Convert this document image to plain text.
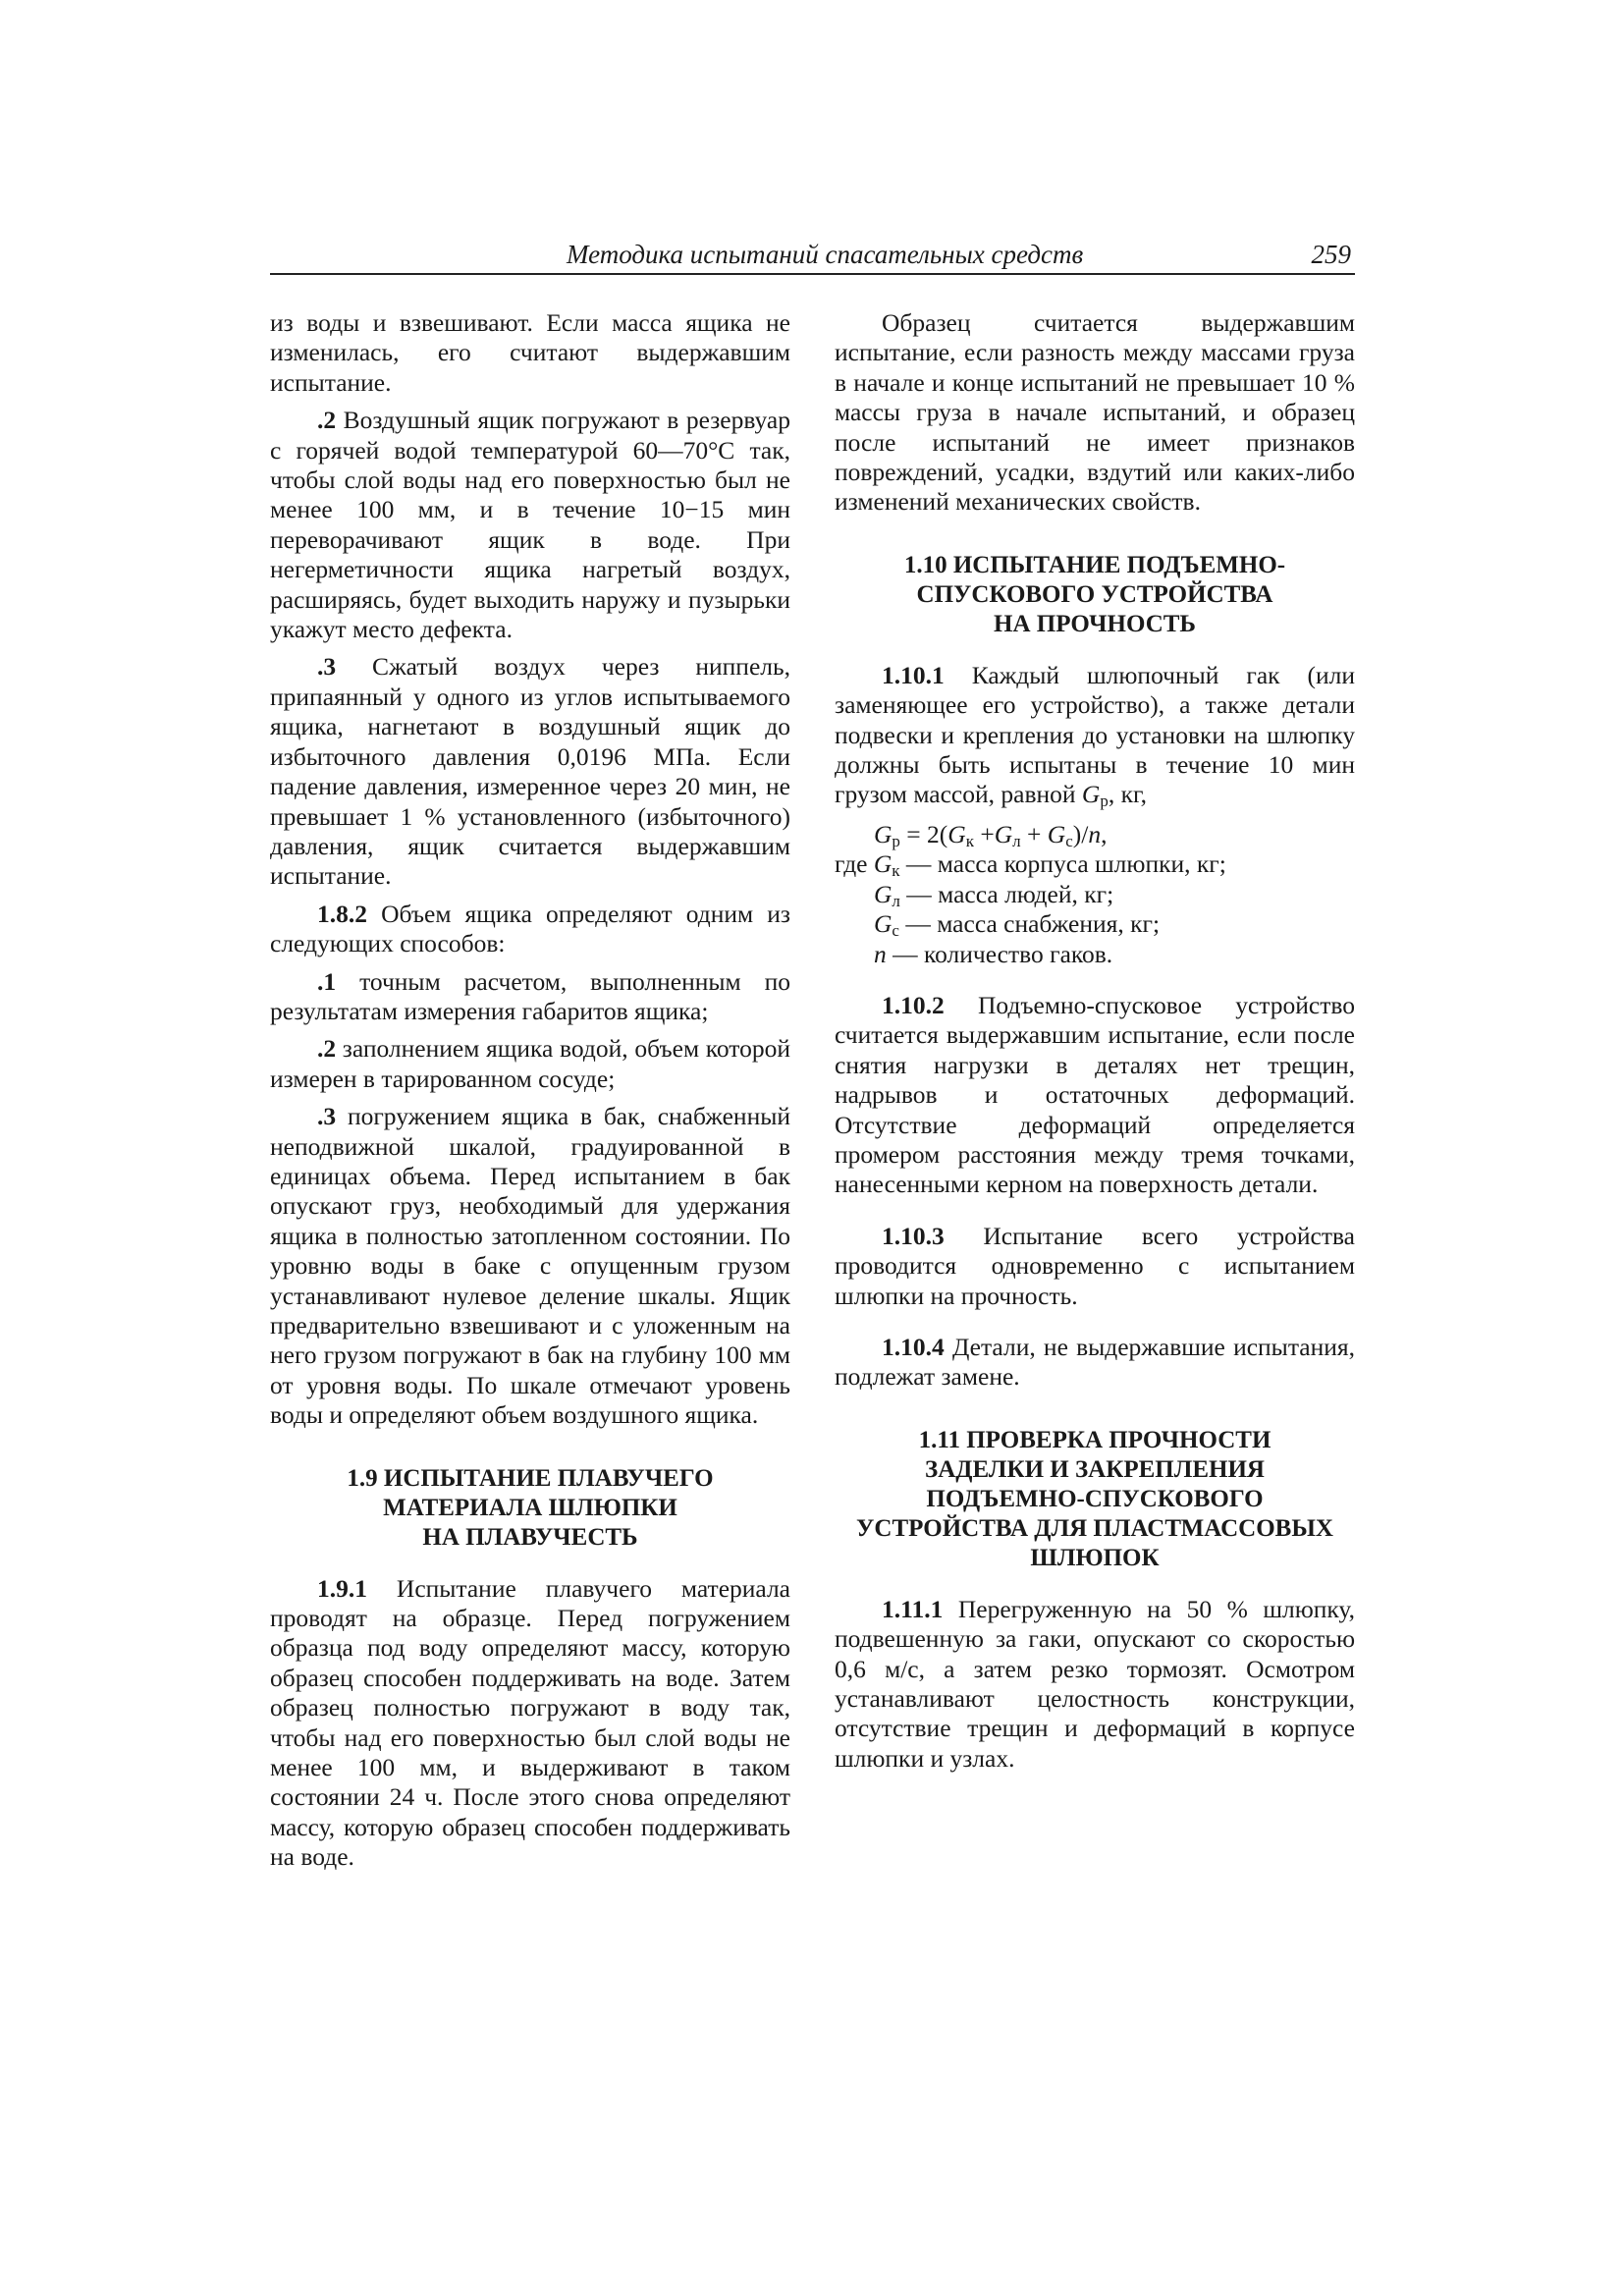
Методика испытаний спасательных средств	259

из воды и взвешивают. Если масса ящика не изменилась, его считают выдержавшим испытание.

.2 Воздушный ящик погружают в резервуар с горячей водой температурой 60—70°С так, чтобы слой воды над его поверхностью был не менее 100 мм, и в течение 10−15 мин переворачивают ящик в воде. При негерметичности ящика нагретый воздух, расширяясь, будет выходить наружу и пузырьки укажут место дефекта.

.3 Сжатый воздух через ниппель, припаянный у одного из углов испытываемого ящика, нагнетают в воздушный ящик до избыточного давления 0,0196 МПа. Если падение давления, измеренное через 20 мин, не превышает 1 % установленного (избыточного) давления, ящик считается выдержавшим испытание.

1.8.2 Объем ящика определяют одним из следующих способов:

.1 точным расчетом, выполненным по результатам измерения габаритов ящика;

.2 заполнением ящика водой, объем которой измерен в тарированном сосуде;

.3 погружением ящика в бак, снабженный неподвижной шкалой, градуированной в единицах объема. Перед испытанием в бак опускают груз, необходимый для удержания ящика в полностью затопленном состоянии. По уровню воды в баке с опущенным грузом устанавливают нулевое деление шкалы. Ящик предварительно взвешивают и с уложенным на него грузом погружают в бак на глубину 100 мм от уровня воды. По шкале отмечают уровень воды и определяют объем воздушного ящика.

1.9 ИСПЫТАНИЕ ПЛАВУЧЕГО
МАТЕРИАЛА ШЛЮПКИ
НА ПЛАВУЧЕСТЬ

1.9.1 Испытание плавучего материала проводят на образце. Перед погружением образца под воду определяют массу, которую образец способен поддерживать на воде. Затем образец полностью погружают в воду так, чтобы над его поверхностью был слой воды не менее 100 мм, и выдерживают в таком состоянии 24 ч. После этого снова определяют массу, которую образец способен поддерживать на воде.

Образец считается выдержавшим испытание, если разность между массами груза в начале и конце испытаний не превышает 10 % массы груза в начале испытаний, и образец после испытаний не имеет признаков повреждений, усадки, вздутий или каких-либо изменений механических свойств.

1.10 ИСПЫТАНИЕ ПОДЪЕМНО-
СПУСКОВОГО УСТРОЙСТВА
НА ПРОЧНОСТЬ

1.10.1 Каждый шлюпочный гак (или заменяющее его устройство), а также детали подвески и крепления до установки на шлюпку должны быть испытаны в течение 10 мин грузом массой, равной $G_р$, кг,

$G_р = 2(G_к +G_л + G_с)/n$,

где $G_к$ — масса корпуса шлюпки, кг;

$G_л$ — масса людей, кг;

$G_с$ — масса снабжения, кг;

n — количество гаков.

1.10.2 Подъемно-спусковое устройство считается выдержавшим испытание, если после снятия нагрузки в деталях нет трещин, надрывов и остаточных деформаций. Отсутствие деформаций определяется промером расстояния между тремя точками, нанесенными керном на поверхность детали.

1.10.3 Испытание всего устройства проводится одновременно с испытанием шлюпки на прочность.

1.10.4 Детали, не выдержавшие испытания, подлежат замене.

1.11 ПРОВЕРКА ПРОЧНОСТИ
ЗАДЕЛКИ И ЗАКРЕПЛЕНИЯ
ПОДЪЕМНО-СПУСКОВОГО
УСТРОЙСТВА ДЛЯ ПЛАСТМАССОВЫХ
ШЛЮПОК

1.11.1 Перегруженную на 50 % шлюпку, подвешенную за гаки, опускают со скоростью 0,6 м/с, а затем резко тормозят. Осмотром устанавливают целостность конструкции, отсутствие трещин и деформаций в корпусе шлюпки и узлах.
